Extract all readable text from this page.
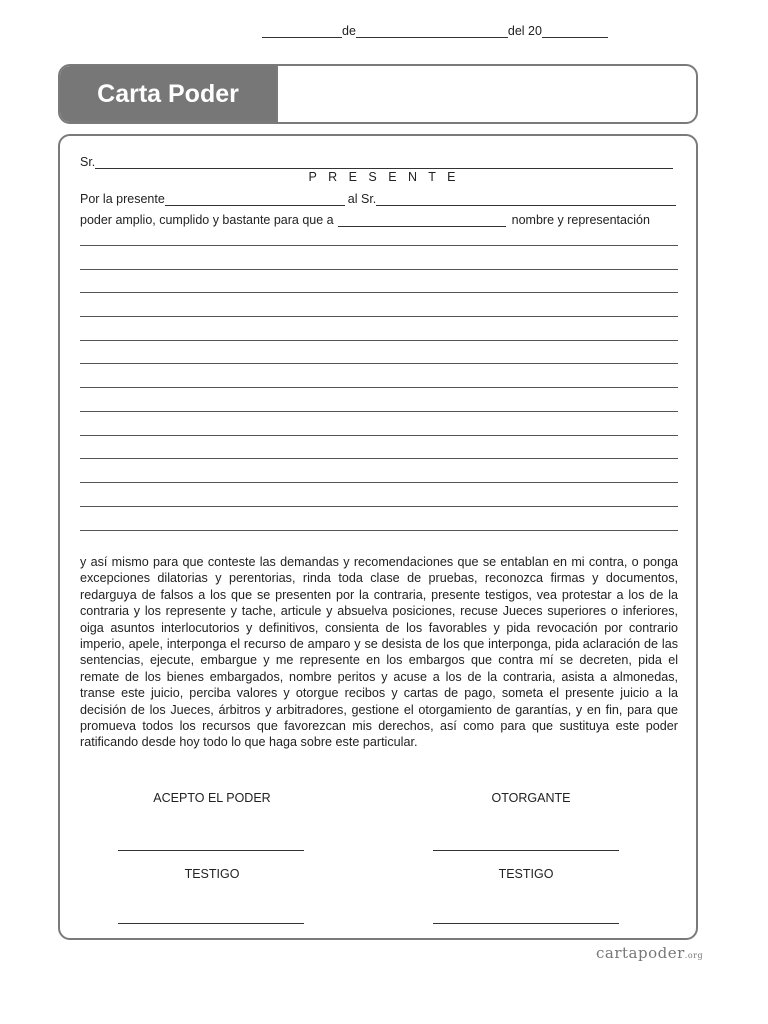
Carta Poder
de	del 20
Sr.
P R E S E N T E
Por la presente	al Sr.
poder amplio, cumplido y bastante para que a	nombre y representación
y así mismo para que conteste las demandas y recomendaciones que se entablan en mi contra, o ponga excepciones dilatorias y perentorias, rinda toda clase de pruebas, reconozca firmas y documentos, redarguya de falsos a los que se presenten por la contraria, presente testigos, vea protestar a los de la contraria y los represente y tache, articule y absuelva posiciones, recuse Jueces superiores o inferiores, oiga asuntos interlocutorios y definitivos, consienta de los favorables y pida revocación por contrario imperio, apele, interponga el recurso de amparo y se desista de los que interponga, pida aclaración de las sentencias, ejecute, embargue y me represente en los embargos que contra mí se decreten, pida el remate de los bienes embargados, nombre peritos y acuse a los de la contraria, asista a almonedas, transe este juicio, perciba valores y otorgue recibos y cartas de pago, someta el presente juicio a la decisión de los Jueces, árbitros y arbitradores, gestione el otorgamiento de garantías, y en fin, para que promueva todos los recursos que favorezcan mis derechos, así como para que sustituya este poder ratificando desde hoy todo lo que haga sobre este particular.
ACEPTO EL PODER	OTORGANTE
TESTIGO	TESTIGO
cartapoder.org
